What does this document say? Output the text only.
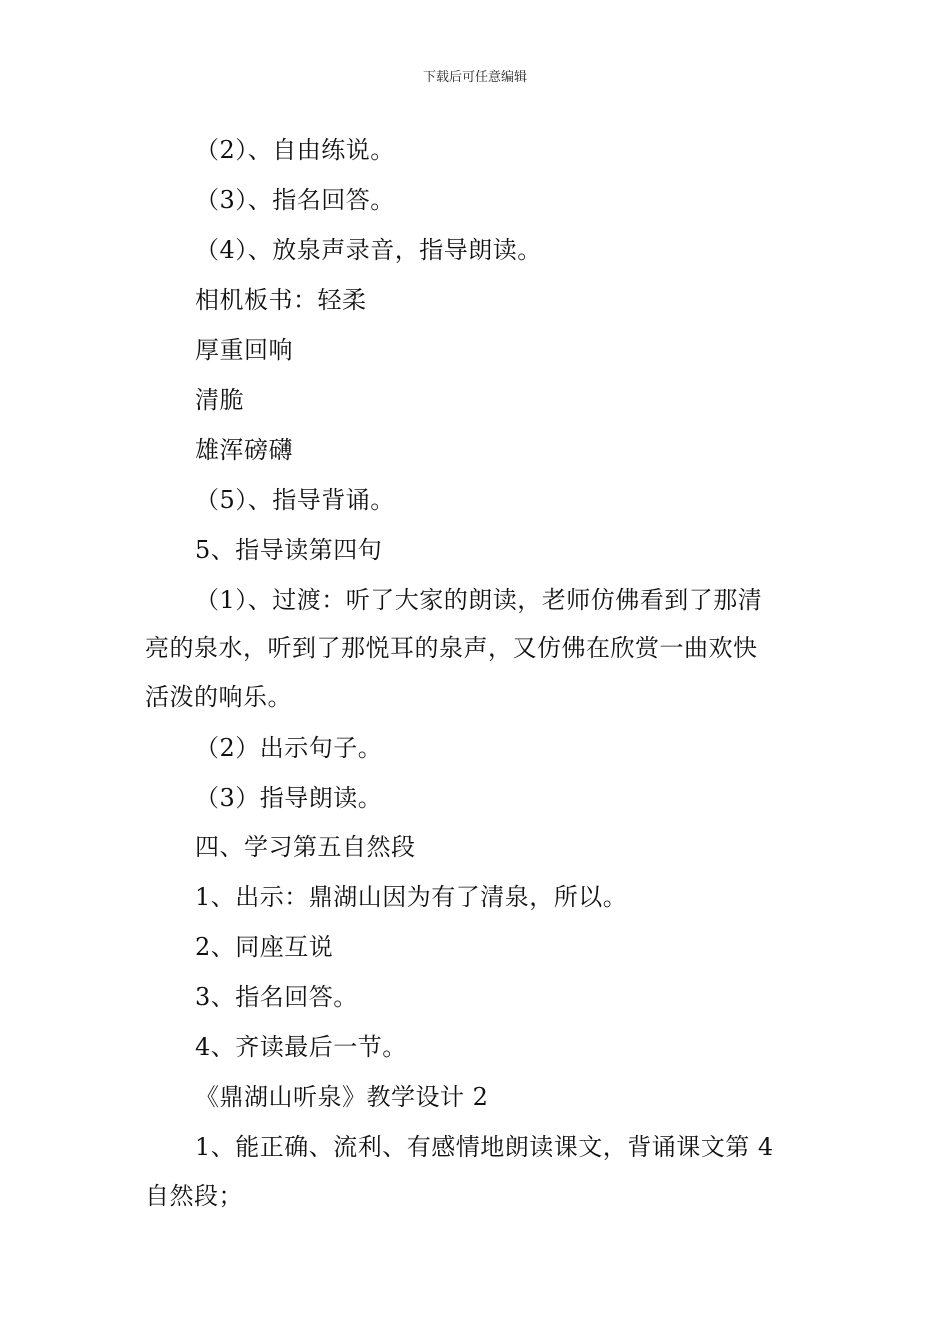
下载后可任意编辑
（2）、自由练说。
（3）、指名回答。
（4）、放泉声录音，指导朗读。
相机板书：轻柔
厚重回响
清脆
雄浑磅礴
（5）、指导背诵。
5、指导读第四句
（1）、过渡：听了大家的朗读，老师仿佛看到了那清
亮的泉水，听到了那悦耳的泉声，又仿佛在欣赏一曲欢快
活泼的响乐。
（2）出示句子。
（3）指导朗读。
四、学习第五自然段
1、出示：鼎湖山因为有了清泉，所以。
2、同座互说
3、指名回答。
4、齐读最后一节。
《鼎湖山听泉》教学设计 2
1、能正确、流利、有感情地朗读课文，背诵课文第 4
自然段；
